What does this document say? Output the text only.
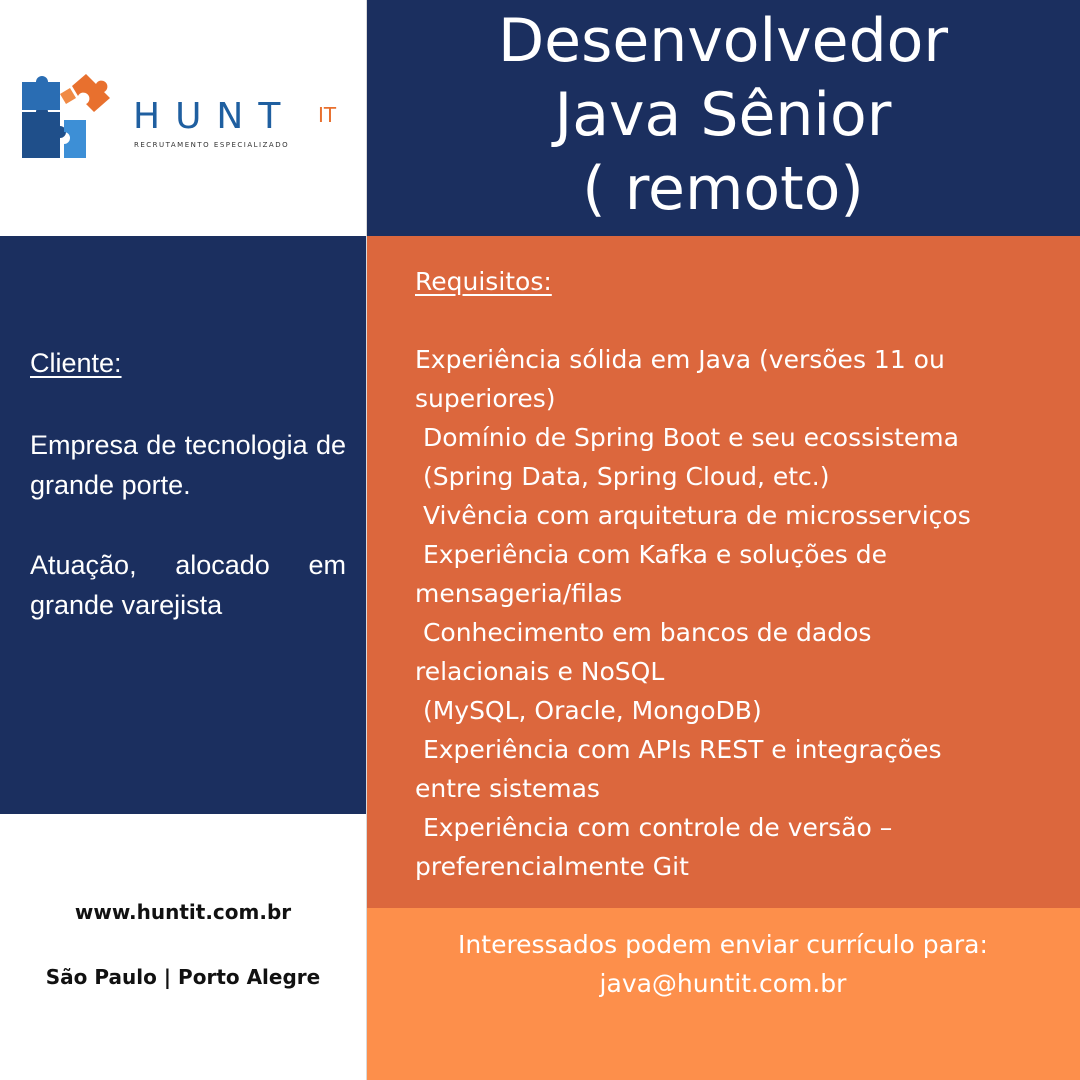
HUNT IT
RECRUTAMENTO ESPECIALIZADO
Desenvolvedor
Java Sênior
( remoto)
Cliente:
Empresa de tecnologia de grande porte.
Atuação, alocado em grande varejista
Requisitos:
Experiência sólida em Java (versões 11 ou
superiores)
Domínio de Spring Boot e seu ecossistema
(Spring Data, Spring Cloud, etc.)
Vivência com arquitetura de microsserviços
Experiência com Kafka e soluções de
mensageria/filas
Conhecimento em bancos de dados
relacionais e NoSQL
(MySQL, Oracle, MongoDB)
Experiência com APIs REST e integrações
entre sistemas
Experiência com controle de versão –
preferencialmente Git
Interessados podem enviar currículo para:
java@huntit.com.br
www.huntit.com.br
São Paulo | Porto Alegre
